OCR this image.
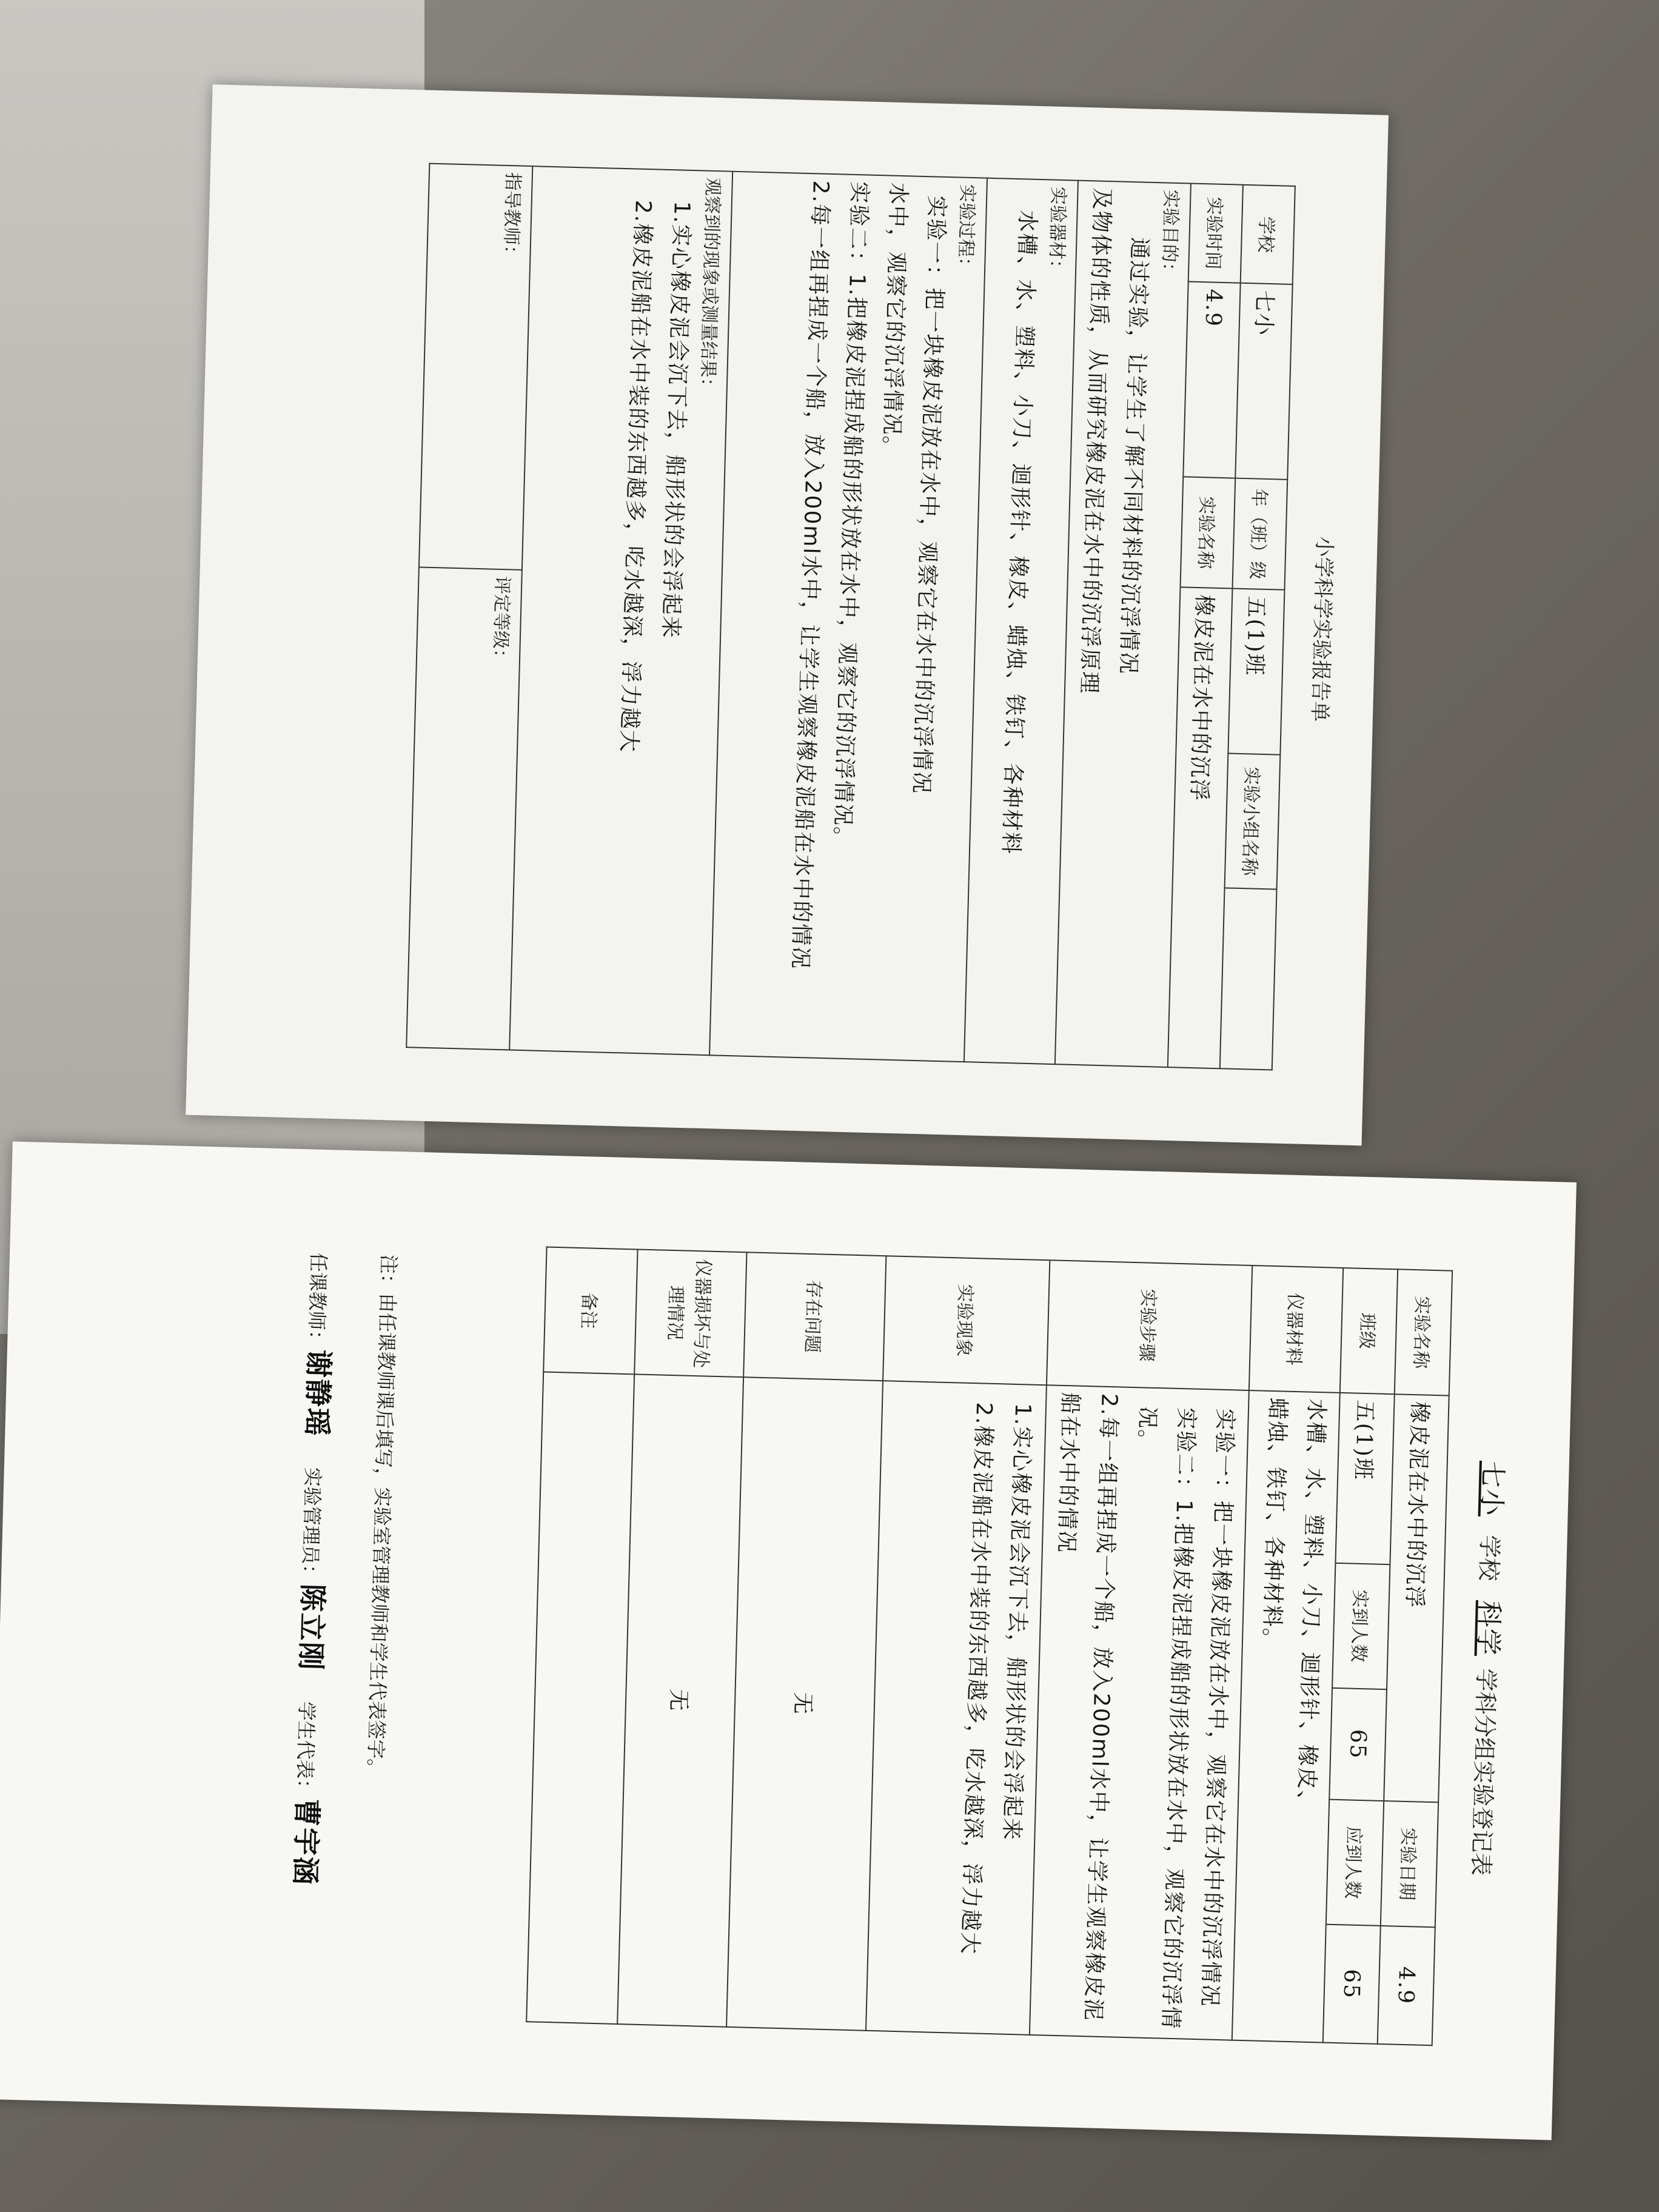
小学科学实验报告单
学校	七小	年（班）级	五(1)班	实验小组名称	
实验时间	4.9	实验名称	橡皮泥在水中的沉浮		
实验目的：
通过实验，让学生了解不同材料的沉浮情况
及物体的性质，从而研究橡皮泥在水中的沉浮原理					

实验器材：
水槽、水、塑料、小刀、迴形针、橡皮、蜡烛、铁钉、各种材料					

实验过程：
实验一：把一块橡皮泥放在水中，观察它在水中的沉浮情况
水中，观察它的沉浮情况。
实验二：1.把橡皮泥捏成船的形状放在水中，观察它的沉浮情况。
2.每一组再捏成一个船，放入200ml水中，让学生观察橡皮泥船在水中的情况					

观察到的现象或测量结果：
1.实心橡皮泥会沉下去，船形状的会浮起来
2.橡皮泥船在水中装的东西越多，吃水越深，浮力越大					

指导教师：			评定等级：		
七小学校 科学学科分组实验登记表
实验名称	橡皮泥在水中的沉浮			实验日期	4.9
班级	五(1)班	实到人数	65	应到人数	65
仪器材料	水槽、水、塑料、小刀、迴形针、橡皮、
蜡烛、铁钉、各种材料。				

实验步骤	实验一：把一块橡皮泥放在水中，观察它在水中的沉浮情况
实验二：1.把橡皮泥捏成船的形状放在水中，观察它的沉浮情况。
2.每一组再捏成一个船，放入200ml水中，让学生观察橡皮泥船在水中的情况				

实验现象	1.实心橡皮泥会沉下去，船形状的会浮起来
2.橡皮泥船在水中装的东西越多，吃水越深，浮力越大				

存在问题	无				
仪器损坏与处理情况	无				
备注					
注：由任课教师课后填写，实验室管理教师和学生代表签字。
任课教师：谢静瑶 实验管理员：陈立刚 学生代表：曹宇涵
